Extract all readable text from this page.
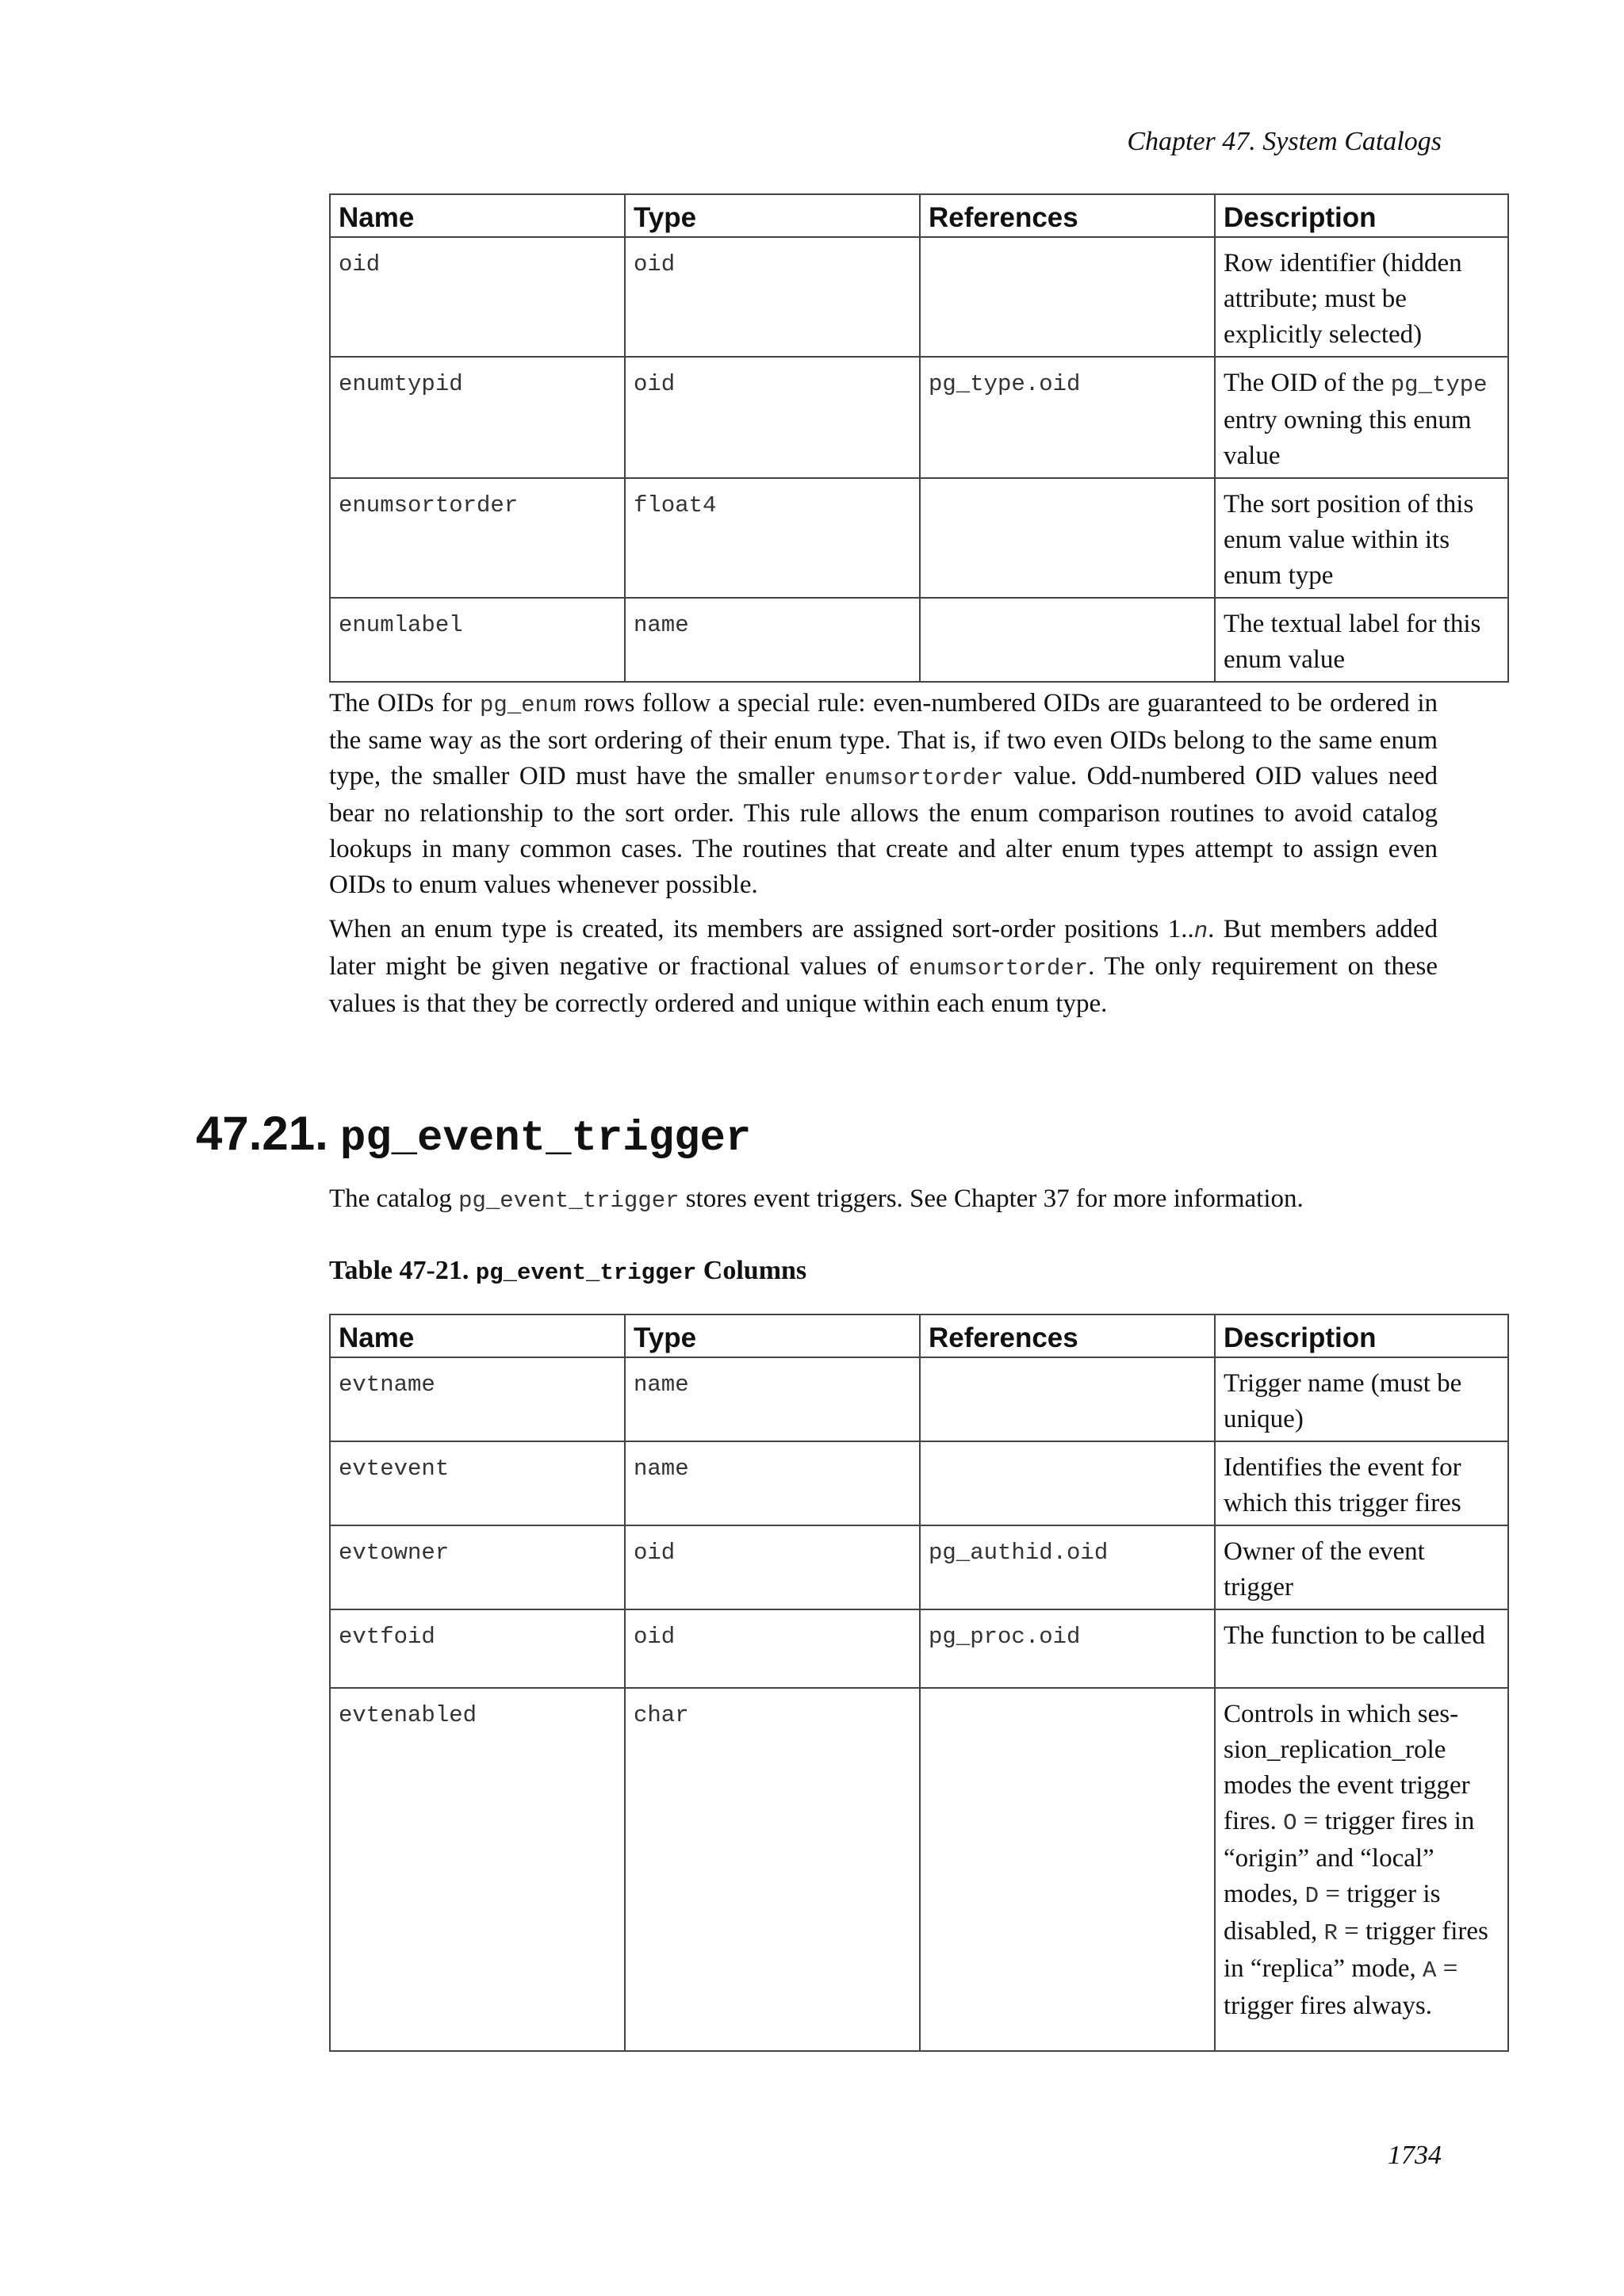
Chapter 47. System Catalogs
Name	Type	References	Description
oid	oid		Row identifier (hidden attribute; must be explicitly selected)
enumtypid	oid	pg_type.oid	The OID of the pg_type entry owning this enum value
enumsortorder	float4		The sort position of this enum value within its enum type
enumlabel	name		The textual label for this enum value

The OIDs for pg_enum rows follow a special rule: even-numbered OIDs are guaranteed to be ordered in the same way as the sort ordering of their enum type. That is, if two even OIDs belong to the same enum type, the smaller OID must have the smaller enumsortorder value. Odd-numbered OID values need bear no relationship to the sort order. This rule allows the enum comparison routines to avoid catalog lookups in many common cases. The routines that create and alter enum types attempt to assign even OIDs to enum values whenever possible.

When an enum type is created, its members are assigned sort-order positions 1..n. But members added later might be given negative or fractional values of enumsortorder. The only requirement on these values is that they be correctly ordered and unique within each enum type.

47.21. pg_event_trigger

The catalog pg_event_trigger stores event triggers. See Chapter 37 for more information.

Table 47-21. pg_event_trigger Columns

Name	Type	References	Description
evtname	name		Trigger name (must be unique)
evtevent	name		Identifies the event for which this trigger fires
evtowner	oid	pg_authid.oid	Owner of the event trigger
evtfoid	oid	pg_proc.oid	The function to be called
evtenabled	char		Controls in which ses- sion_replication_role modes the event trigger fires. O = trigger fires in “origin” and “local” modes, D = trigger is disabled, R = trigger fires in “replica” mode, A = trigger fires always.
1734
